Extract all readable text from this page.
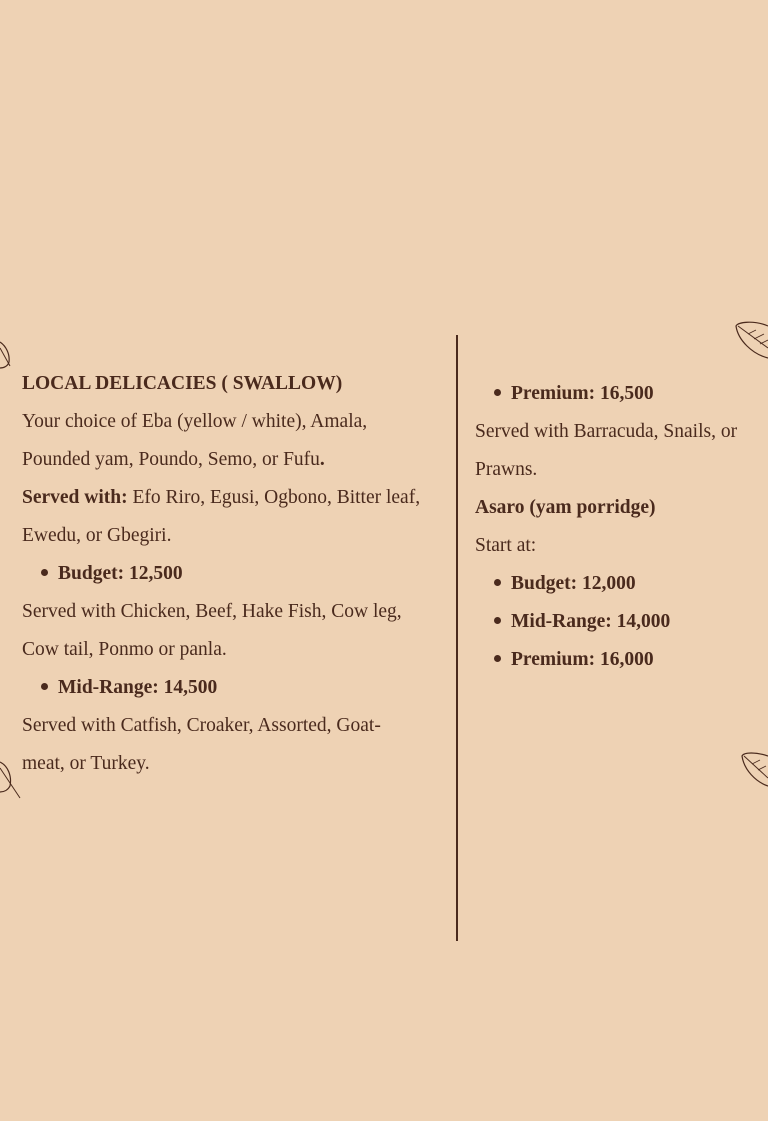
LOCAL DELICACIES ( SWALLOW)
Your choice of Eba (yellow / white), Amala,
Pounded yam, Poundo, Semo, or Fufu.
Served with: Efo Riro, Egusi, Ogbono, Bitter leaf,
Ewedu, or Gbegiri.
Budget: 12,500
Served with Chicken, Beef, Hake Fish, Cow leg,
Cow tail, Ponmo or panla.
Mid-Range: 14,500
Served with Catfish, Croaker, Assorted, Goat-
meat, or Turkey.
Premium: 16,500
Served with Barracuda, Snails, or
Prawns.
Asaro (yam porridge)
Start at:
Budget: 12,000
Mid-Range: 14,000
Premium: 16,000
